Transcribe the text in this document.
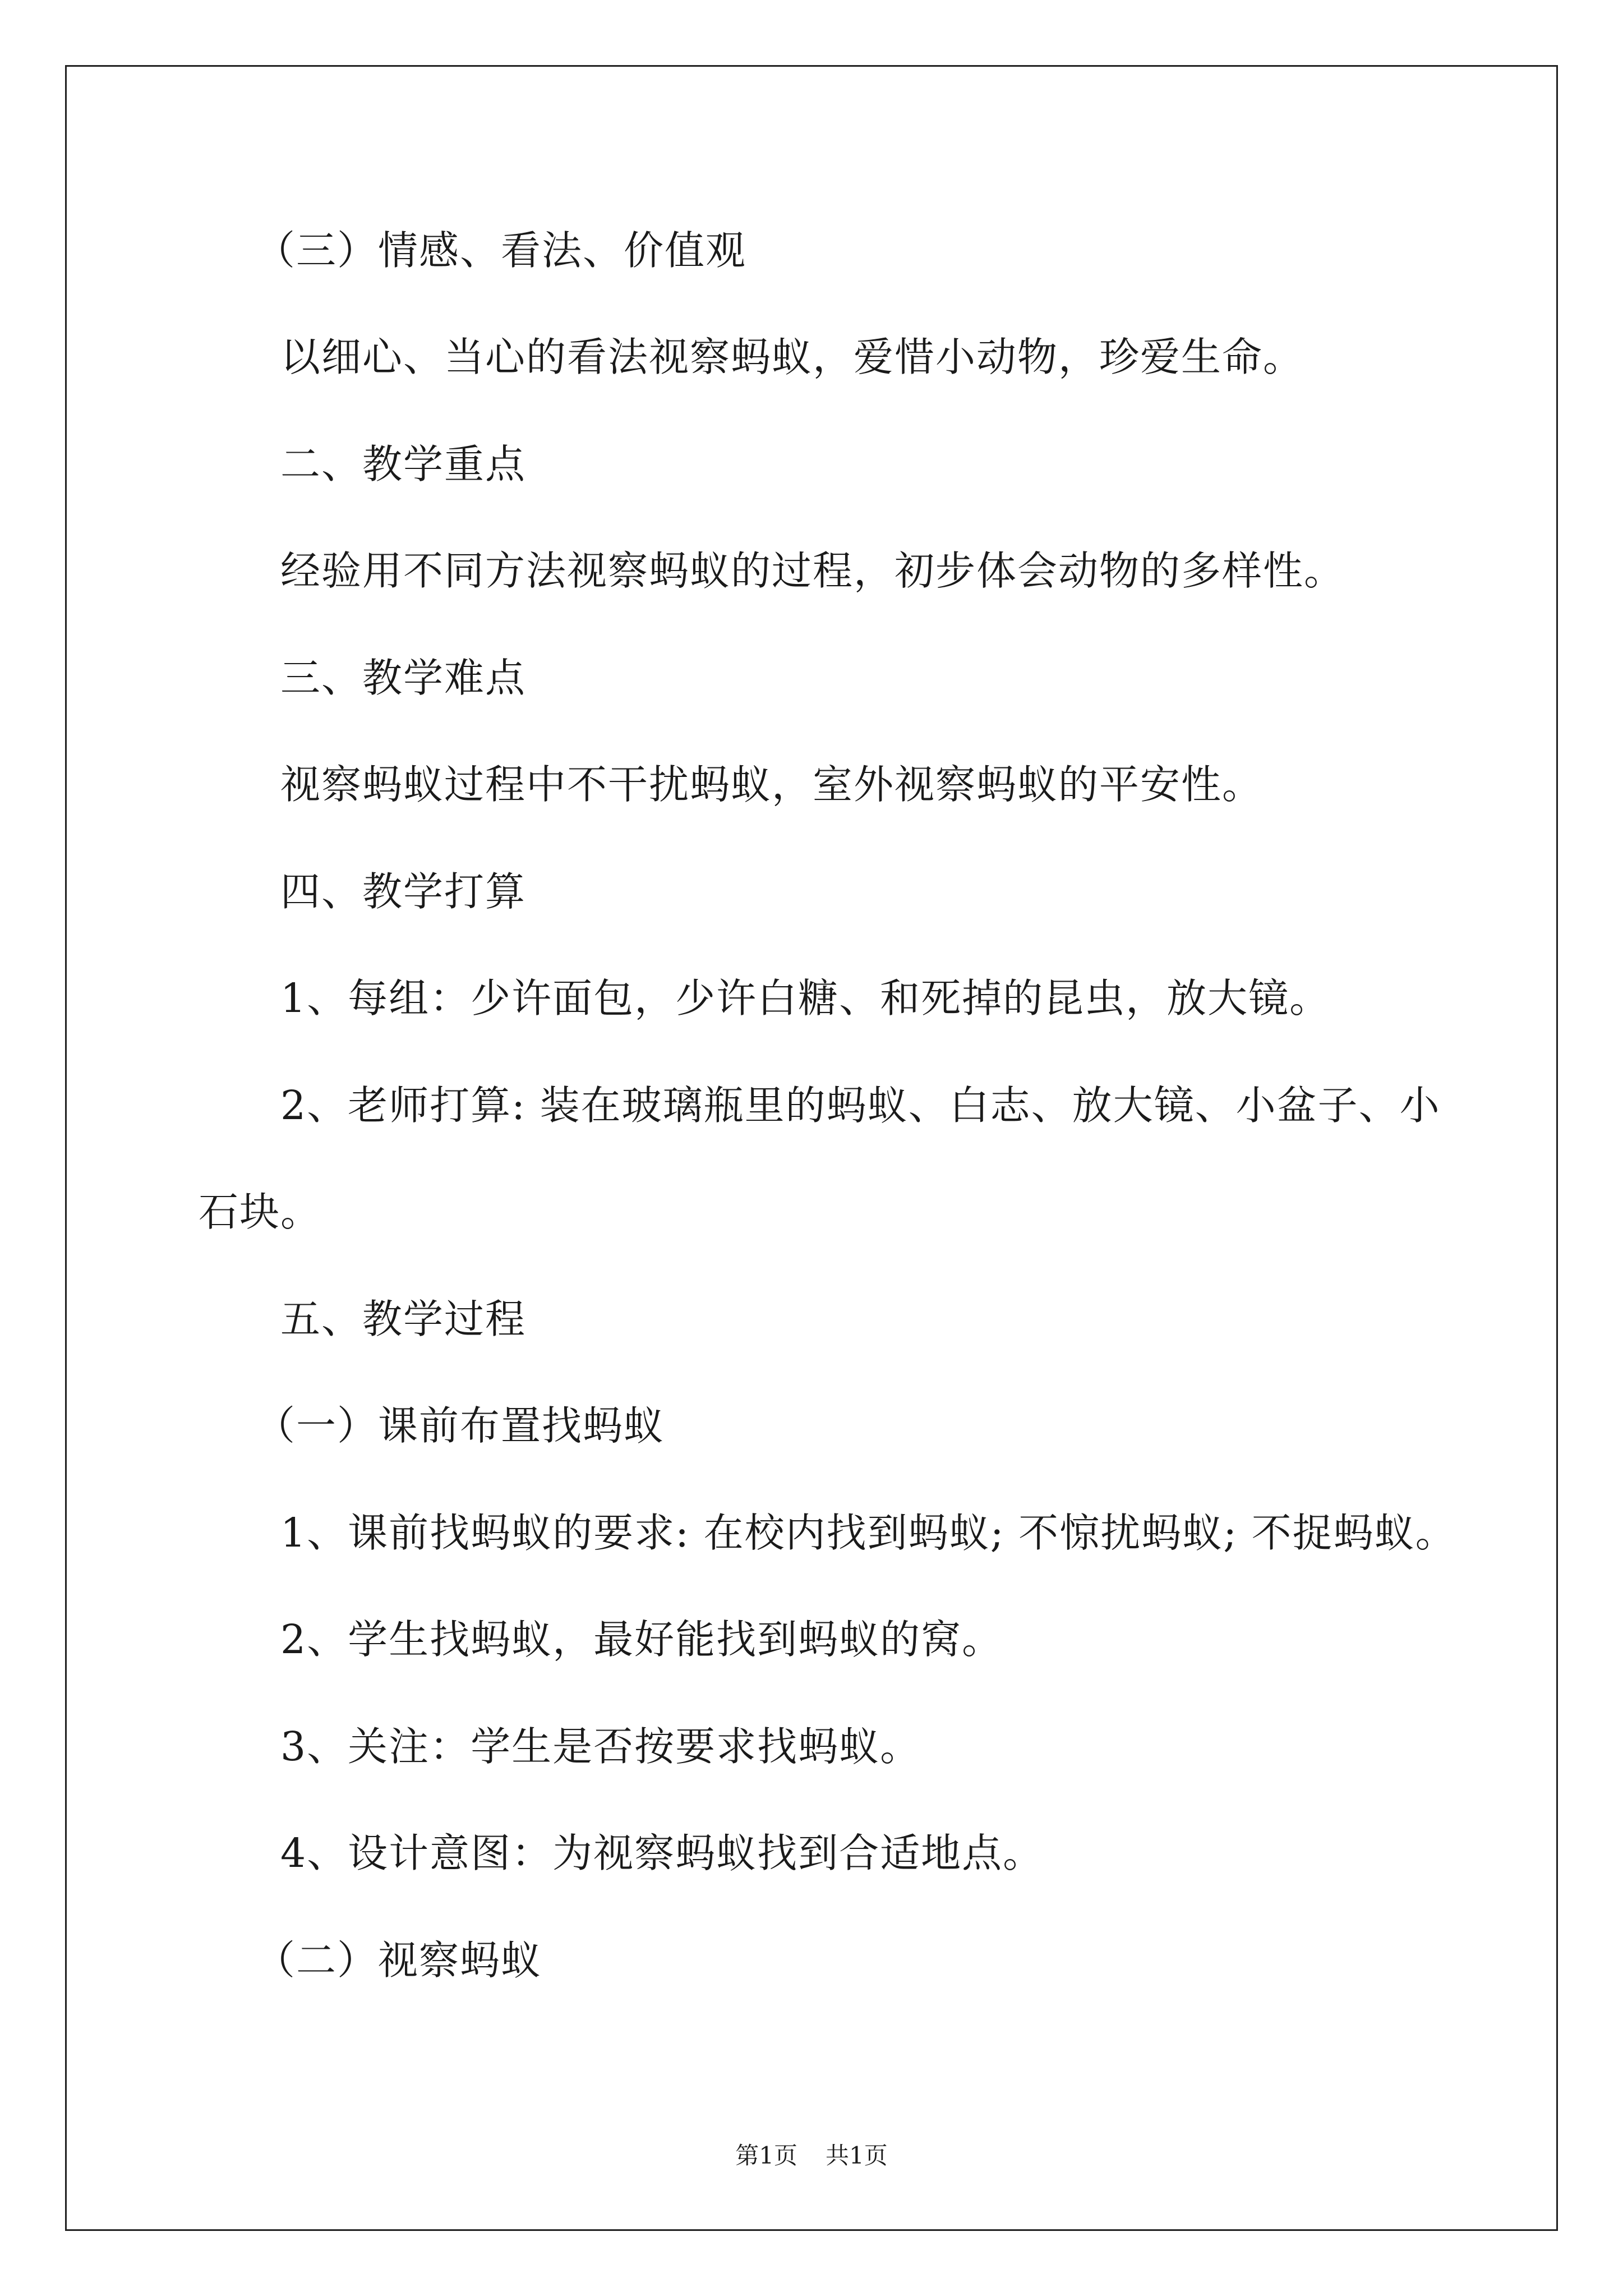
（三）情感、看法、价值观
以细心、当心的看法视察蚂蚁，爱惜小动物，珍爱生命。
二、教学重点
经验用不同方法视察蚂蚁的过程，初步体会动物的多样性。
三、教学难点
视察蚂蚁过程中不干扰蚂蚁，室外视察蚂蚁的平安性。
四、教学打算
1、每组：少许面包，少许白糖、和死掉的昆虫，放大镜。
2、老师打算: 装在玻璃瓶里的蚂蚁、白志、放大镜、小盆子、小
石块。
五、教学过程
（一）课前布置找蚂蚁
1、课前找蚂蚁的要求: 在校内找到蚂蚁; 不惊扰蚂蚁; 不捉蚂蚁。
2、学生找蚂蚁，最好能找到蚂蚁的窝。
3、关注：学生是否按要求找蚂蚁。
4、设计意图：为视察蚂蚁找到合适地点。
（二）视察蚂蚁
第1页 共1页
